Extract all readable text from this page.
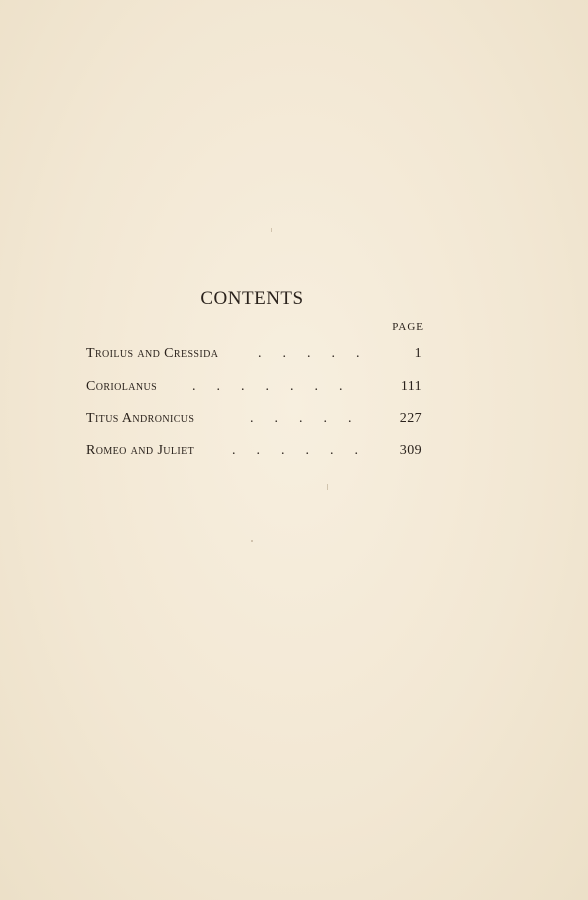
CONTENTS
PAGE
Troilus and Cressida	.      .      .      .      .	1
Coriolanus .      .      .      .      .      .      .	111
Titus Andronicus	.      .      .      .      .	227
Romeo and Juliet	.      .      .      .      .      .	309
